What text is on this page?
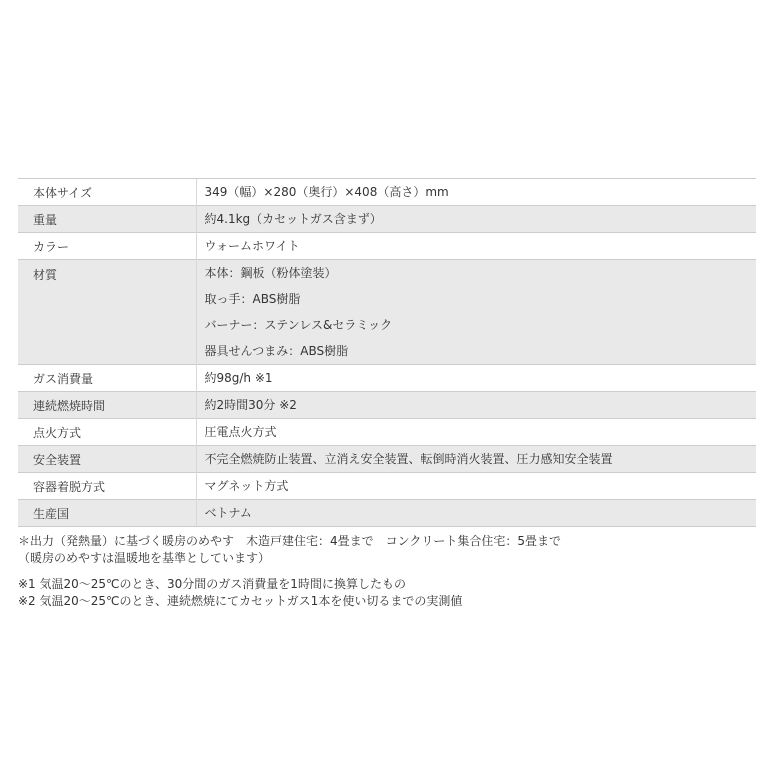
本体サイズ	349（幅）×280（奥行）×408（高さ）mm

重量	約4.1kg（カセットガス含まず）

カラー	ウォームホワイト

材質	本体：鋼板（粉体塗装）
取っ手：ABS樹脂
バーナー：ステンレス&セラミック
器具せんつまみ：ABS樹脂

ガス消費量	約98g/h ※1

連続燃焼時間	約2時間30分 ※2

点火方式	圧電点火方式

安全装置	不完全燃焼防止装置、立消え安全装置、転倒時消火装置、圧力感知安全装置

容器着脱方式	マグネット方式

生産国	ベトナム
＊出力（発熱量）に基づく暖房のめやす　木造戸建住宅：4畳まで　コンクリート集合住宅：5畳まで
（暖房のめやすは温暖地を基準としています）
※1 気温20～25℃のとき、30分間のガス消費量を1時間に換算したもの
※2 気温20～25℃のとき、連続燃焼にてカセットガス1本を使い切るまでの実測値
